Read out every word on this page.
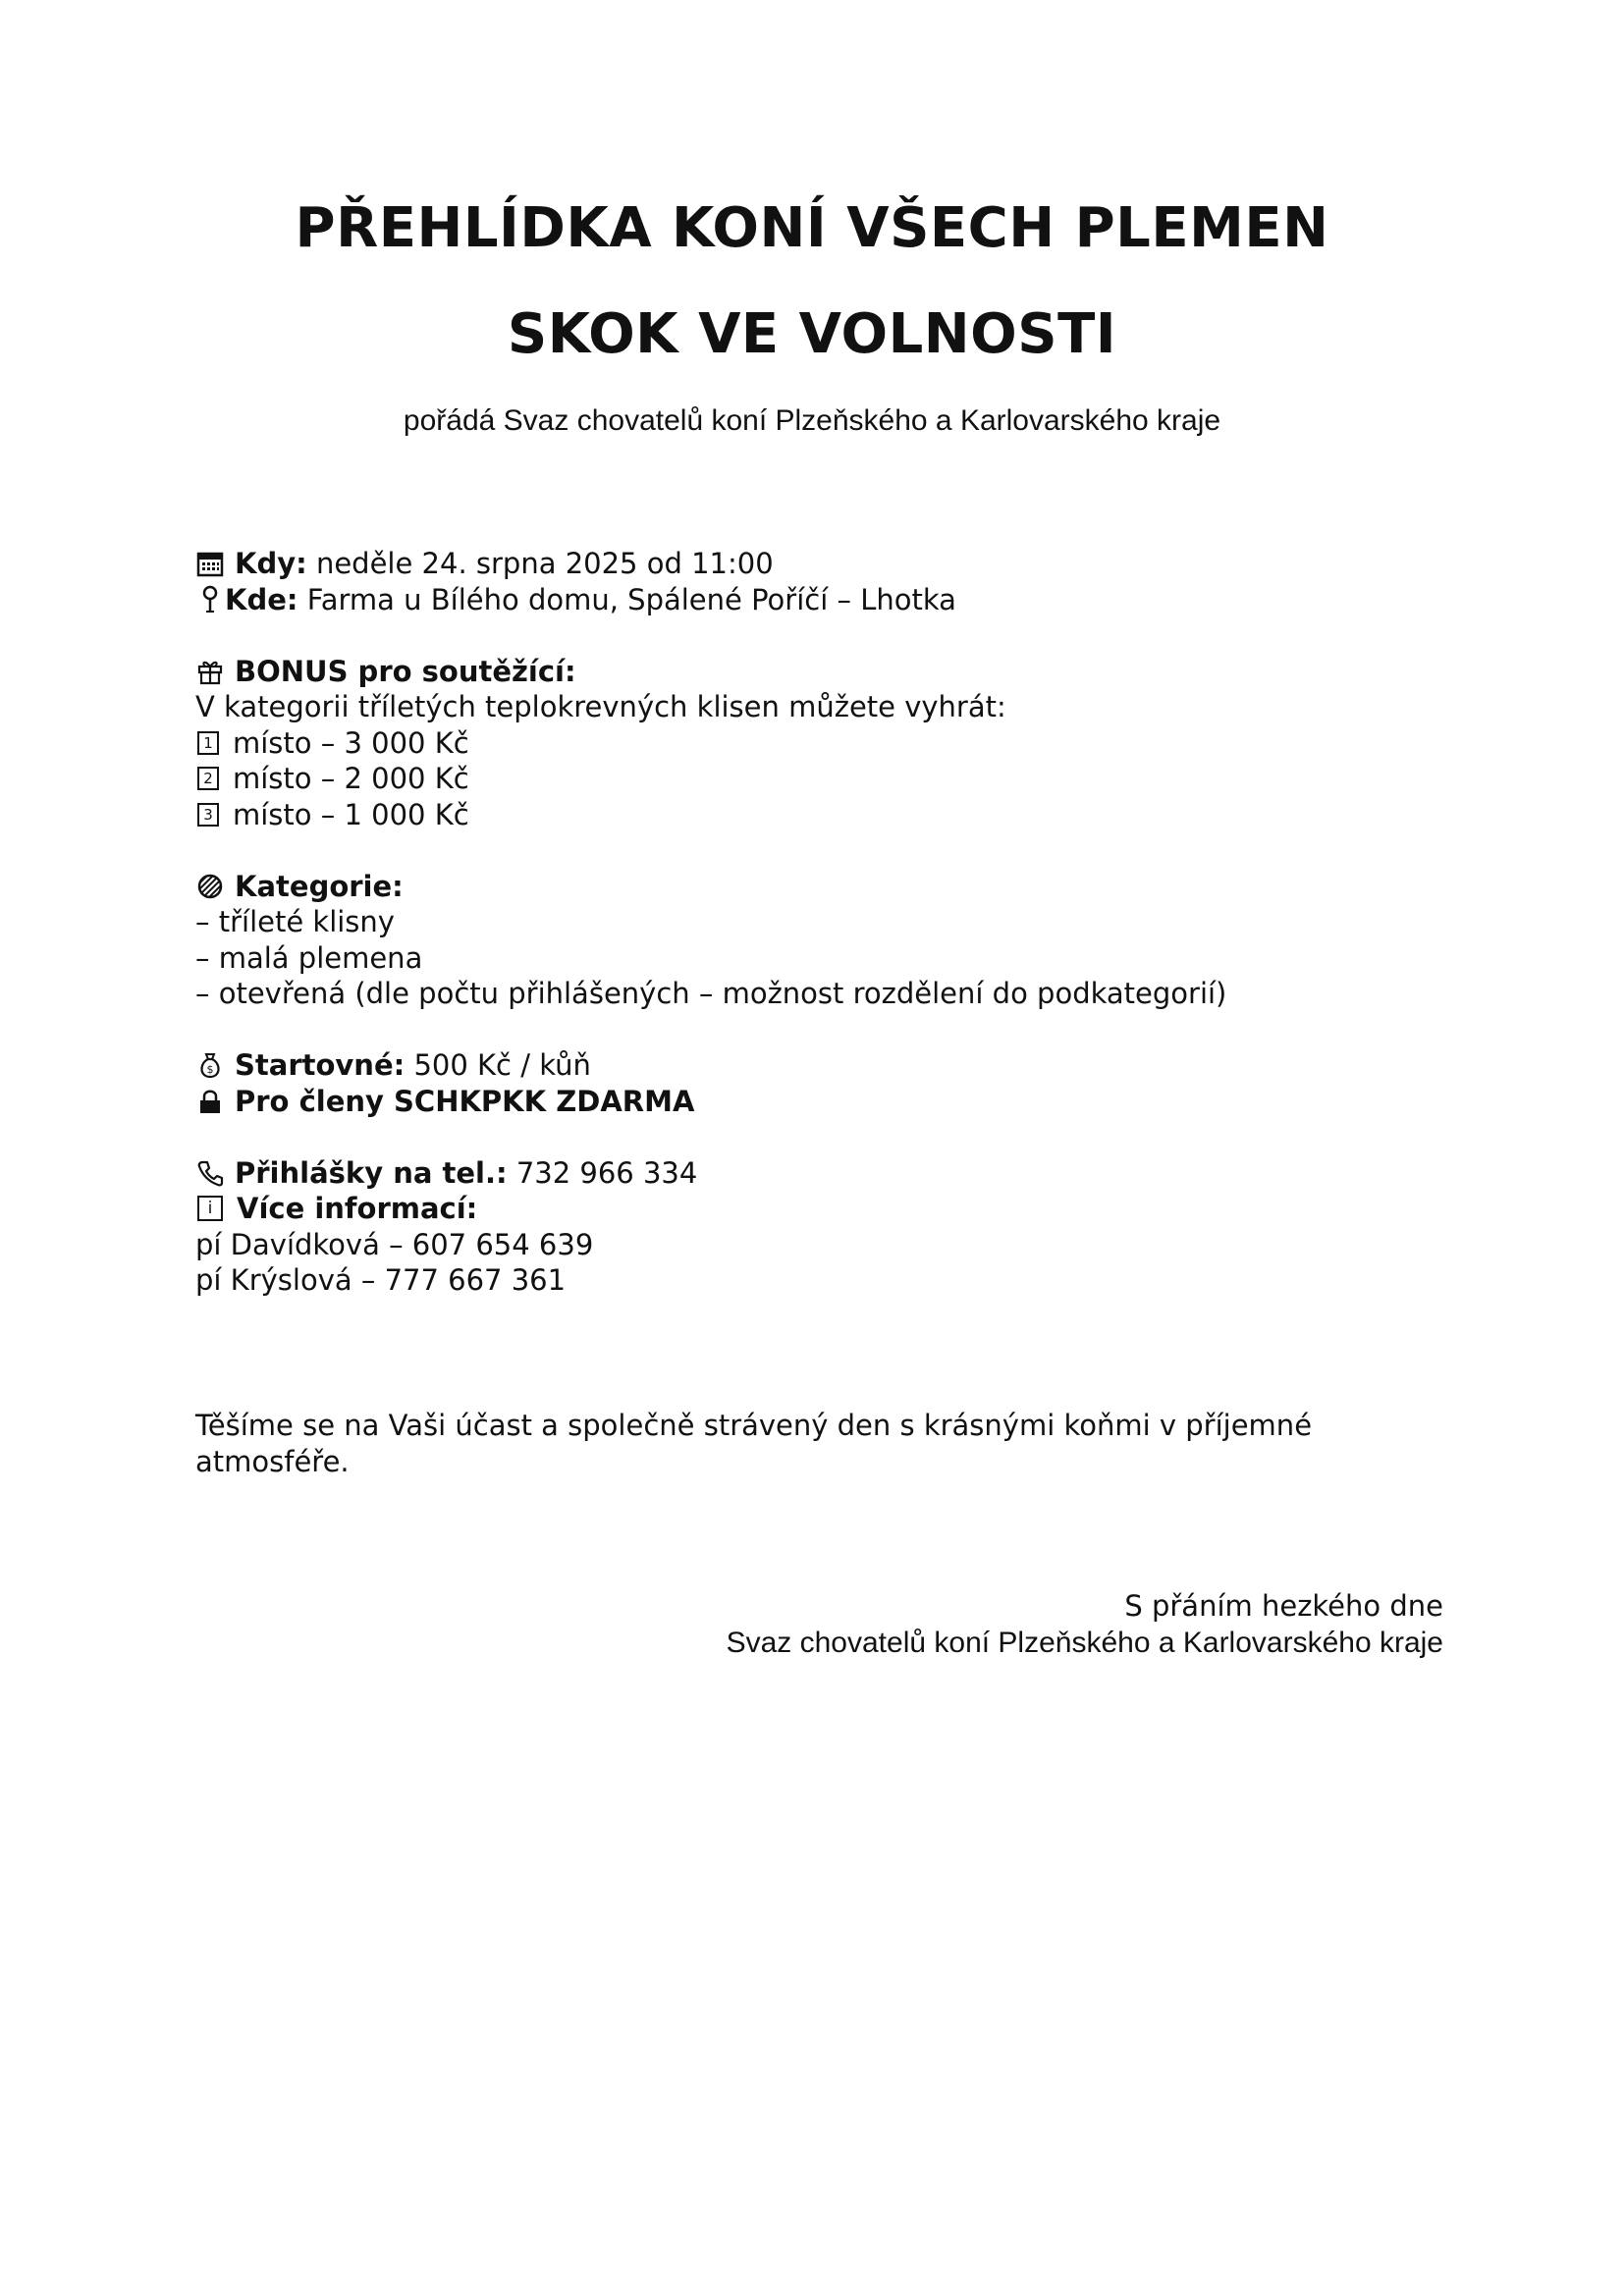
PŘEHLÍDKA KONÍ VŠECH PLEMEN
SKOK VE VOLNOSTI
pořádá Svaz chovatelů koní Plzeňského a Karlovarského kraje
Kdy: neděle 24. srpna 2025 od 11:00
Kde: Farma u Bílého domu, Spálené Poříčí – Lhotka
BONUS pro soutěžící:
V kategorii tříletých teplokrevných klisen můžete vyhrát:
1 místo – 3 000 Kč
2 místo – 2 000 Kč
3 místo – 1 000 Kč
Kategorie:
– tříleté klisny
– malá plemena
– otevřená (dle počtu přihlášených – možnost rozdělení do podkategorií)
$ Startovné: 500 Kč / kůň
Pro členy SCHKPKK ZDARMA
Přihlášky na tel.: 732 966 334
i Více informací:
pí Davídková – 607 654 639
pí Krýslová – 777 667 361
Těšíme se na Vaši účast a společně strávený den s krásnými koňmi v příjemné
atmosféře.
S přáním hezkého dne
Svaz chovatelů koní Plzeňského a Karlovarského kraje
